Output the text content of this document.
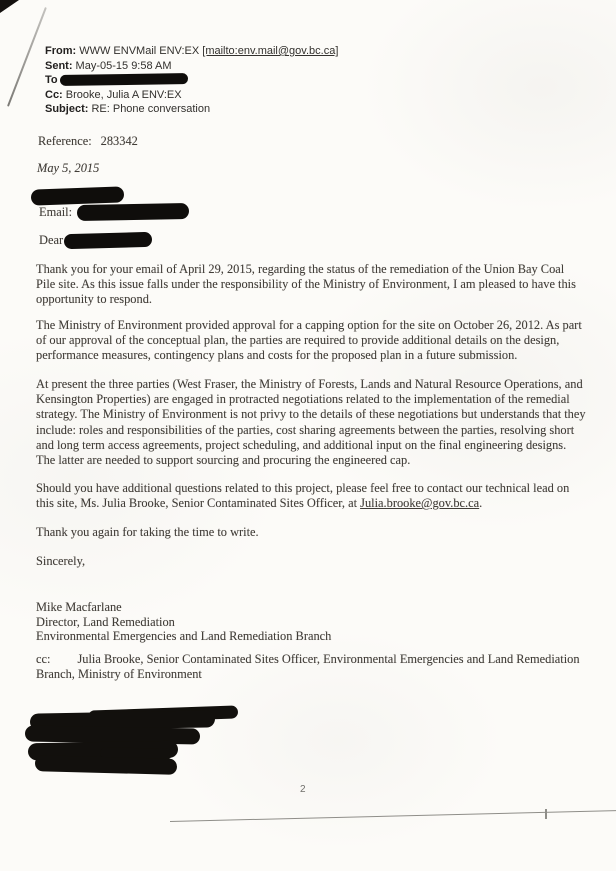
From: WWW ENVMail ENV:EX [mailto:env.mail@gov.bc.ca]
Sent: May-05-15 9:58 AM
To
Cc: Brooke, Julia A ENV:EX
Subject: RE: Phone conversation
Reference: 283342
May 5, 2015
Email:
Dear
Thank you for your email of April 29, 2015, regarding the status of the remediation of the Union Bay Coal Pile site. As this issue falls under the responsibility of the Ministry of Environment, I am pleased to have this opportunity to respond.
The Ministry of Environment provided approval for a capping option for the site on October 26, 2012. As part of our approval of the conceptual plan, the parties are required to provide additional details on the design, performance measures, contingency plans and costs for the proposed plan in a future submission.
At present the three parties (West Fraser, the Ministry of Forests, Lands and Natural Resource Operations, and Kensington Properties) are engaged in protracted negotiations related to the implementation of the remedial strategy. The Ministry of Environment is not privy to the details of these negotiations but understands that they include: roles and responsibilities of the parties, cost sharing agreements between the parties, resolving short and long term access agreements, project scheduling, and additional input on the final engineering designs. The latter are needed to support sourcing and procuring the engineered cap.
Should you have additional questions related to this project, please feel free to contact our technical lead on this site, Ms. Julia Brooke, Senior Contaminated Sites Officer, at Julia.brooke@gov.bc.ca.
Thank you again for taking the time to write.
Sincerely,
Mike Macfarlane
Director, Land Remediation
Environmental Emergencies and Land Remediation Branch
cc: Julia Brooke, Senior Contaminated Sites Officer, Environmental Emergencies and Land Remediation Branch, Ministry of Environment
2
